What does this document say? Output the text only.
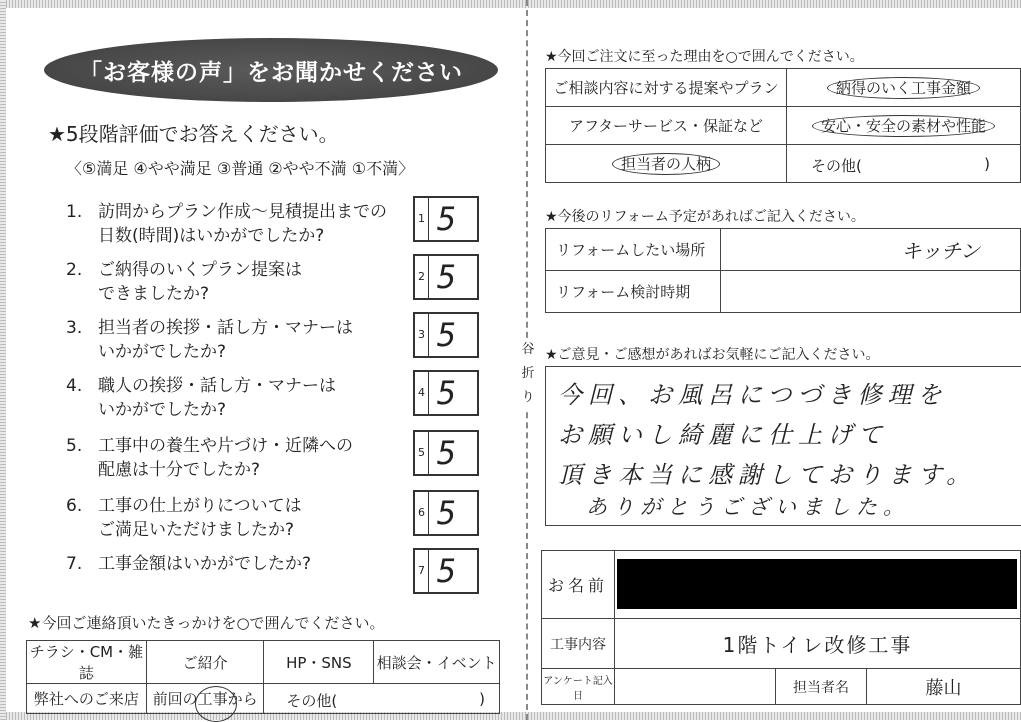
谷折り
「お客様の声」をお聞かせください
★5段階評価でお答えください。
〈⑤満足 ④やや満足 ③普通 ②やや不満 ①不満〉
1. 訪問からプラン作成～見積提出までの
日数(時間)はいかがでしたか?
1 5
2. ご納得のいくプラン提案は
できましたか?
2 5
3. 担当者の挨拶・話し方・マナーは
いかがでしたか?
3 5
4. 職人の挨拶・話し方・マナーは
いかがでしたか?
4 5
5. 工事中の養生や片づけ・近隣への
配慮は十分でしたか?
5 5
6. 工事の仕上がりについては
ご満足いただけましたか?
6 5
7. 工事金額はいかがでしたか?	7 5
★今回ご連絡頂いたきっかけを○で囲んでください。
チラシ・CM・雑誌	ご紹介	HP・SNS	相談会・イベント
弊社へのご来店	前回の工事から	その他( )	
★今回ご注文に至った理由を○で囲んでください。
ご相談内容に対する提案やプラン	納得のいく工事金額
アフターサービス・保証など	安心・安全の素材や性能
担当者の人柄	その他( )
★今後のリフォーム予定があればご記入ください。
リフォームしたい場所	キッチン
リフォーム検討時期	
★ご意見・ご感想があればお気軽にご記入ください。
今回、お風呂につづき修理を
お願いし綺麗に仕上げて
頂き本当に感謝しております。
ありがとうございました。
お名前			

工事内容	1階トイレ改修工事		
アンケート記入日		担当者名	藤山
